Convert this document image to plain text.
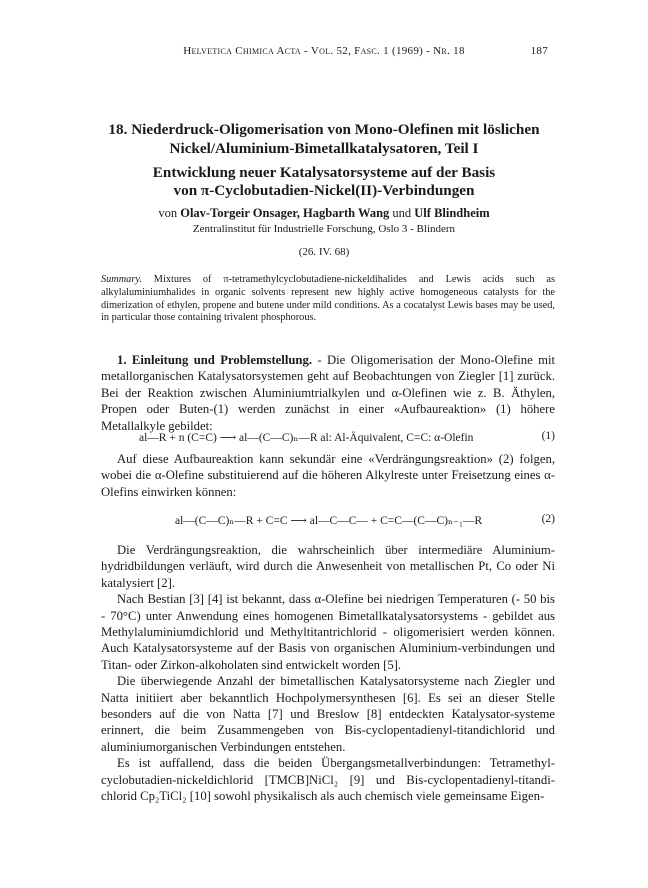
Helvetica Chimica Acta - Vol. 52, Fasc. 1 (1969) - Nr. 18	187
18. Niederdruck-Oligomerisation von Mono-Olefinen mit löslichen
Nickel/Aluminium-Bimetallkatalysatoren, Teil I
Entwicklung neuer Katalysatorsysteme auf der Basis
von π-Cyclobutadien-Nickel(II)-Verbindungen
von Olav-Torgeir Onsager, Hagbarth Wang und Ulf Blindheim
Zentralinstitut für Industrielle Forschung, Oslo 3 - Blindern
(26. IV. 68)
Summary. Mixtures of π-tetramethylcyclobutadiene-nickeldihalides and Lewis acids such as alkylaluminiumhalides in organic solvents represent new highly active homogeneous catalysts for the dimerization of ethylen, propene and butene under mild conditions. As a cocatalyst Lewis bases may be used, in particular those containing trivalent phosphorous.

1. Einleitung und Problemstellung. - Die Oligomerisation der Mono-Olefine mit metallorganischen Katalysatorsystemen geht auf Beobachtungen von Ziegler [1] zurück. Bei der Reaktion zwischen Aluminiumtrialkylen und α-Olefinen wie z. B. Äthylen, Propen oder Buten-(1) werden zunächst in einer «Aufbaureaktion» (1) höhere Metallalkyle gebildet:

al—R + n (C=C) ⟶ al—(C—C)ₙ—R al: Al-Äquivalent, C=C: α-Olefin	(1)

Auf diese Aufbaureaktion kann sekundär eine «Verdrängungsreaktion» (2) folgen, wobei die α-Olefine substituierend auf die höheren Alkylreste unter Freisetzung eines α-Olefins einwirken können:

al—(C—C)ₙ—R + C=C ⟶ al—C—C— + C=C—(C—C)ₙ₋₁—R	(2)

Die Verdrängungsreaktion, die wahrscheinlich über intermediäre Aluminium-hydridbildungen verläuft, wird durch die Anwesenheit von metallischen Pt, Co oder Ni katalysiert [2].

Nach Bestian [3] [4] ist bekannt, dass α-Olefine bei niedrigen Temperaturen (- 50 bis - 70°C) unter Anwendung eines homogenen Bimetallkatalysatorsystems - gebildet aus Methylaluminiumdichlorid und Methyltitantrichlorid - oligomerisiert werden können. Auch Katalysatorsysteme auf der Basis von organischen Aluminium-verbindungen und Titan- oder Zirkon-alkoholaten sind entwickelt worden [5].

Die überwiegende Anzahl der bimetallischen Katalysatorsysteme nach Ziegler und Natta initiiert aber bekanntlich Hochpolymersynthesen [6]. Es sei an dieser Stelle besonders auf die von Natta [7] und Breslow [8] entdeckten Katalysator-systeme erinnert, die beim Zusammengeben von Bis-cyclopentadienyl-titandichlorid und aluminiumorganischen Verbindungen entstehen.

Es ist auffallend, dass die beiden Übergangsmetallverbindungen: Tetramethyl-cyclobutadien-nickeldichlorid [TMCB]NiCl₂ [9] und Bis-cyclopentadienyl-titandi-chlorid Cp₂TiCl₂ [10] sowohl physikalisch als auch chemisch viele gemeinsame Eigen-
